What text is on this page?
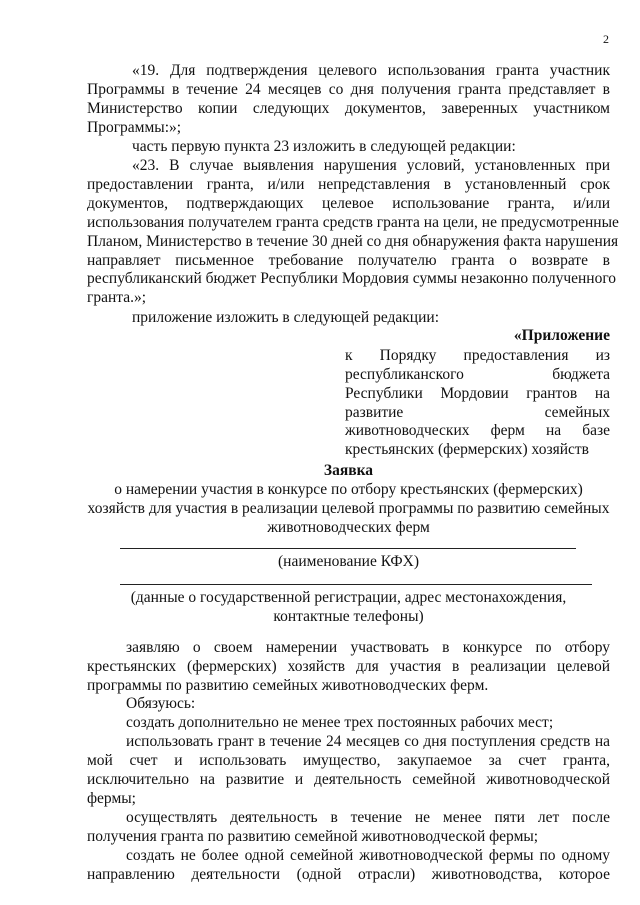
2
«19. Для подтверждения целевого использования гранта участник
Программы в течение 24 месяцев со дня получения гранта представляет в
Министерство копии следующих документов, заверенных участником
Программы:»;
часть первую пункта 23 изложить в следующей редакции:
«23. В случае выявления нарушения условий, установленных при
предоставлении гранта, и/или непредставления в установленный срок
документов, подтверждающих целевое использование гранта, и/или
использования получателем гранта средств гранта на цели, не предусмотренные
Планом, Министерство в течение 30 дней со дня обнаружения факта нарушения
направляет письменное требование получателю гранта о возврате в
республиканский бюджет Республики Мордовия суммы незаконно полученного
гранта.»;
приложение изложить в следующей редакции:
«Приложение
к Порядку предоставления из
республиканского бюджета
Республики Мордовии грантов на
развитие семейных
животноводческих ферм на базе
крестьянских (фермерских) хозяйств
Заявка
о намерении участия в конкурсе по отбору крестьянских (фермерских)
хозяйств для участия в реализации целевой программы по развитию семейных
животноводческих ферм
(наименование КФХ)
(данные о государственной регистрации, адрес местонахождения,
контактные телефоны)
заявляю о своем намерении участвовать в конкурсе по отбору
крестьянских (фермерских) хозяйств для участия в реализации целевой
программы по развитию семейных животноводческих ферм.
Обязуюсь:
создать дополнительно не менее трех постоянных рабочих мест;
использовать грант в течение 24 месяцев со дня поступления средств на
мой счет и использовать имущество, закупаемое за счет гранта,
исключительно на развитие и деятельность семейной животноводческой
фермы;
осуществлять деятельность в течение не менее пяти лет после
получения гранта по развитию семейной животноводческой фермы;
создать не более одной семейной животноводческой фермы по одному
направлению деятельности (одной отрасли) животноводства, которое
